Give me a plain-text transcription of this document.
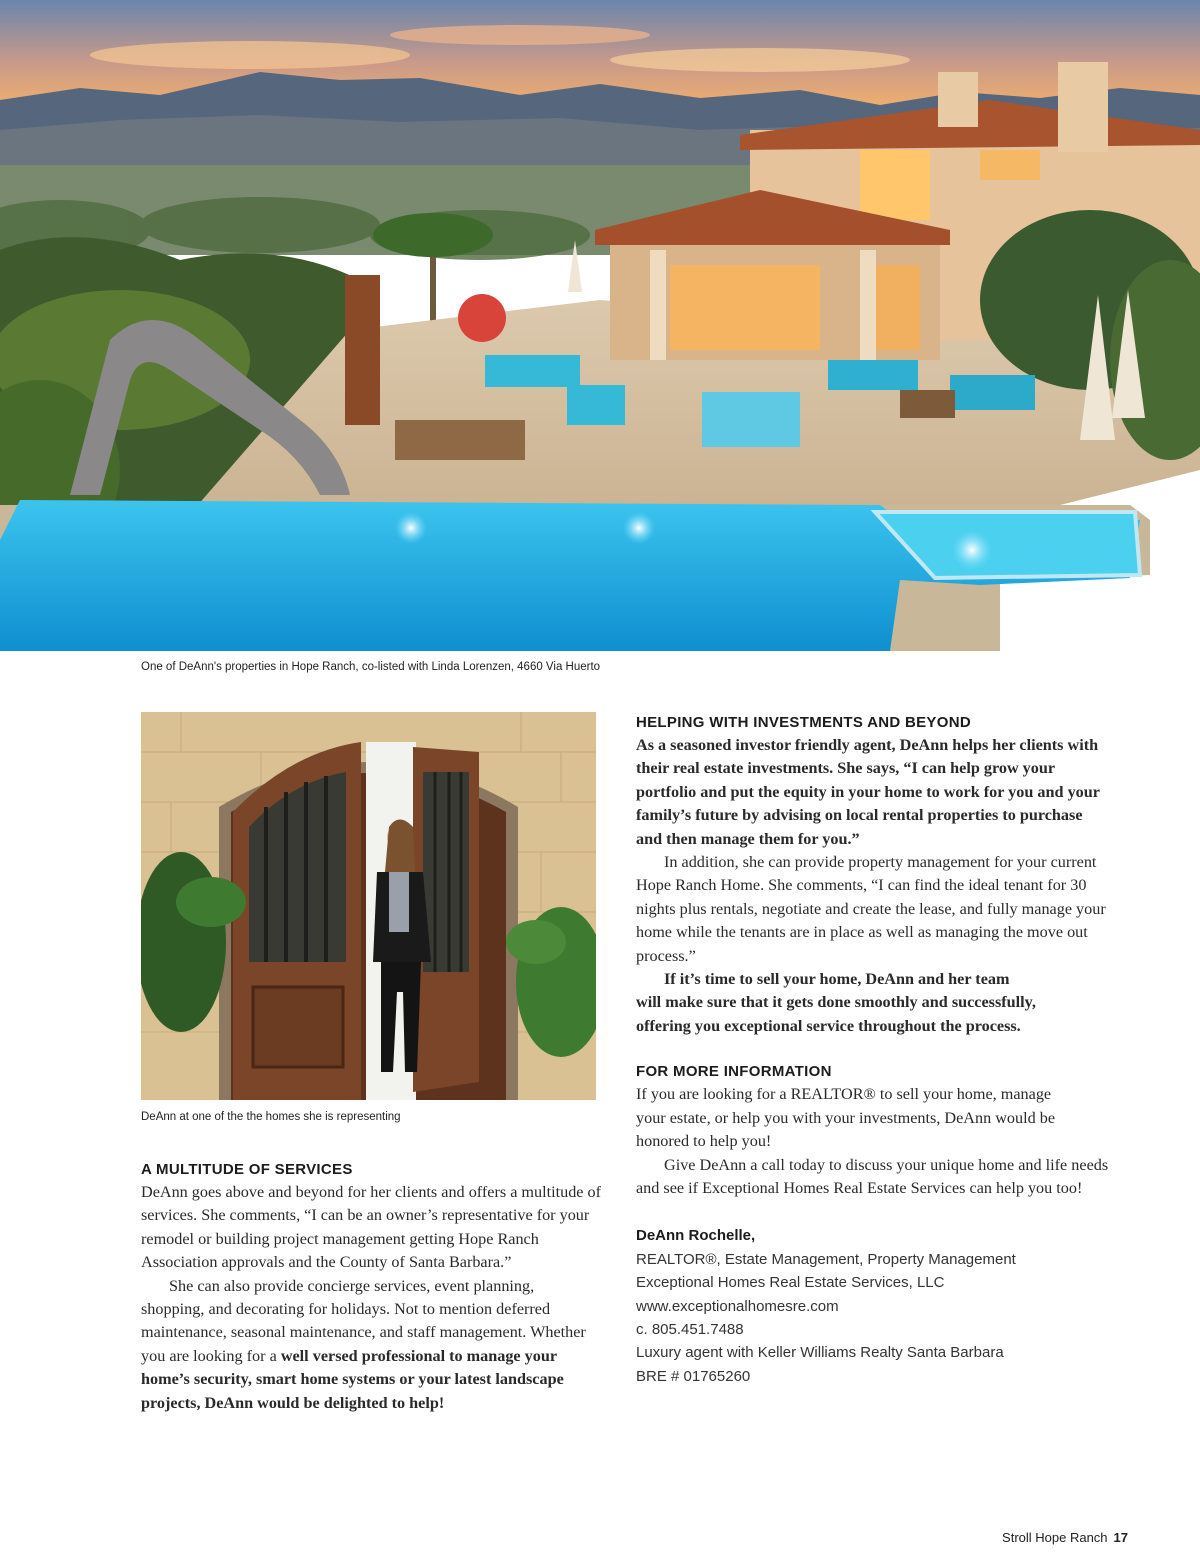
One of DeAnn's properties in Hope Ranch, co-listed with Linda Lorenzen, 4660 Via Huerto
DeAnn at one of the the homes she is representing

A MULTITUDE OF SERVICES

DeAnn goes above and beyond for her clients and offers a multitude of services. She comments, “I can be an owner’s representative for your remodel or building project management getting Hope Ranch Association approvals and the County of Santa Barbara.”

She can also provide concierge services, event planning, shopping, and decorating for holidays. Not to mention deferred maintenance, seasonal maintenance, and staff management. Whether you are looking for a well versed professional to manage your home’s security, smart home systems or your latest landscape projects, DeAnn would be delighted to help!

HELPING WITH INVESTMENTS AND BEYOND

As a seasoned investor friendly agent, DeAnn helps her clients with their real estate investments. She says, “I can help grow your portfolio and put the equity in your home to work for you and your family’s future by advising on local rental properties to purchase and then manage them for you.”

In addition, she can provide property management for your current Hope Ranch Home. She comments, “I can find the ideal tenant for 30 nights plus rentals, negotiate and create the lease, and fully manage your home while the tenants are in place as well as managing the move out process.”

If it’s time to sell your home, DeAnn and her team will make sure that it gets done smoothly and successfully, offering you exceptional service throughout the process.

FOR MORE INFORMATION

If you are looking for a REALTOR® to sell your home, manage your estate, or help you with your investments, DeAnn would be honored to help you!

Give DeAnn a call today to discuss your unique home and life needs and see if Exceptional Homes Real Estate Services can help you too!

DeAnn Rochelle,
REALTOR®, Estate Management, Property Management
Exceptional Homes Real Estate Services, LLC
www.exceptionalhomesre.com
c. 805.451.7488
Luxury agent with Keller Williams Realty Santa Barbara
BRE # 01765260
Stroll Hope Ranch 17
